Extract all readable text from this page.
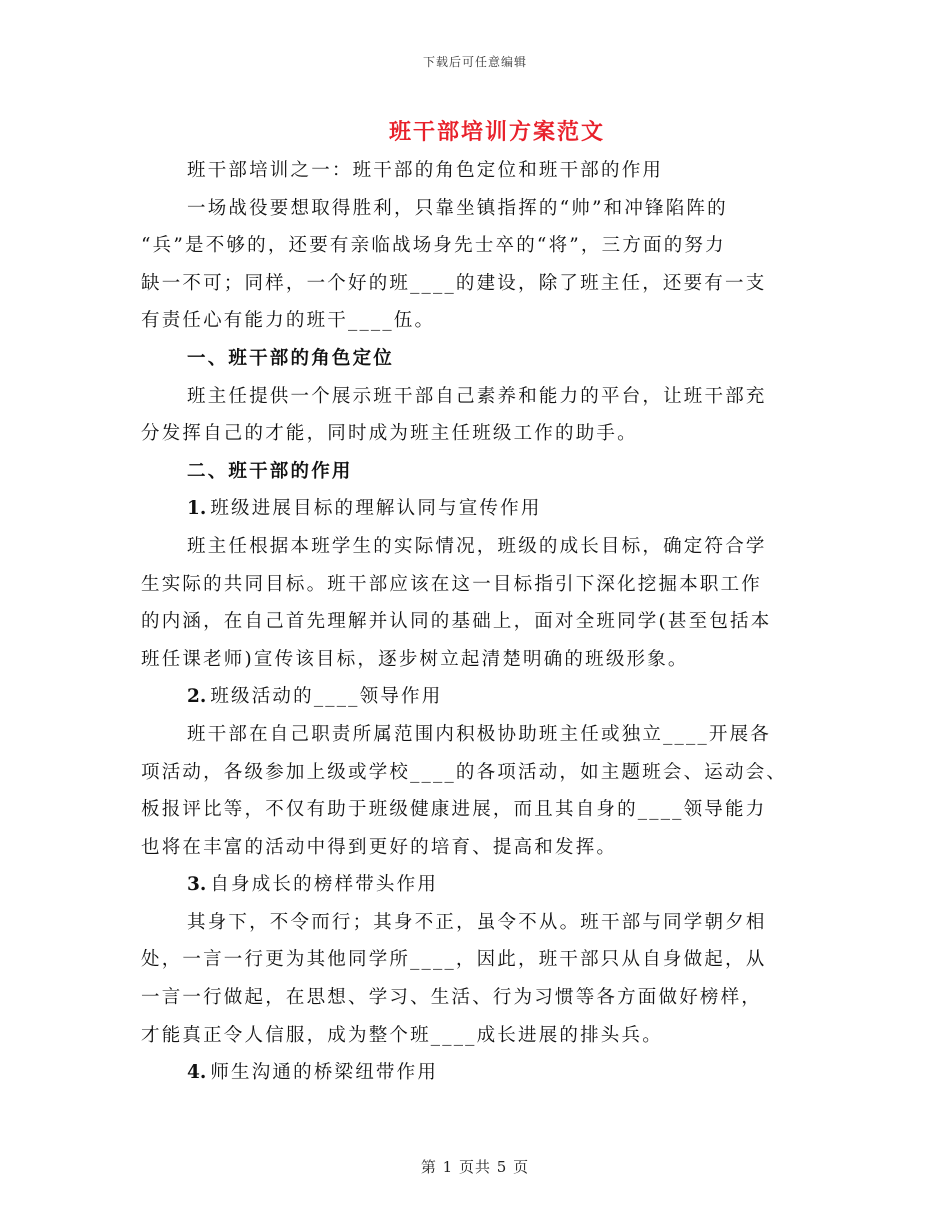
下载后可任意编辑
班干部培训方案范文
班干部培训之一：班干部的角色定位和班干部的作用
一场战役要想取得胜利，只靠坐镇指挥的“帅”和冲锋陷阵的
“兵”是不够的，还要有亲临战场身先士卒的“将”，三方面的努力
缺一不可；同样，一个好的班____的建设，除了班主任，还要有一支
有责任心有能力的班干____伍。
一、班干部的角色定位
班主任提供一个展示班干部自己素养和能力的平台，让班干部充
分发挥自己的才能，同时成为班主任班级工作的助手。
二、班干部的作用
1. 班级进展目标的理解认同与宣传作用
班主任根据本班学生的实际情况，班级的成长目标，确定符合学
生实际的共同目标。班干部应该在这一目标指引下深化挖掘本职工作
的内涵，在自己首先理解并认同的基础上，面对全班同学(甚至包括本
班任课老师)宣传该目标，逐步树立起清楚明确的班级形象。
2. 班级活动的____领导作用
班干部在自己职责所属范围内积极协助班主任或独立____开展各
项活动，各级参加上级或学校____的各项活动，如主题班会、运动会、
板报评比等，不仅有助于班级健康进展，而且其自身的____领导能力
也将在丰富的活动中得到更好的培育、提高和发挥。
3. 自身成长的榜样带头作用
其身下，不令而行；其身不正，虽令不从。班干部与同学朝夕相
处，一言一行更为其他同学所____，因此，班干部只从自身做起，从
一言一行做起，在思想、学习、生活、行为习惯等各方面做好榜样，
才能真正令人信服，成为整个班____成长进展的排头兵。
4. 师生沟通的桥梁纽带作用
第 1 页共 5 页
